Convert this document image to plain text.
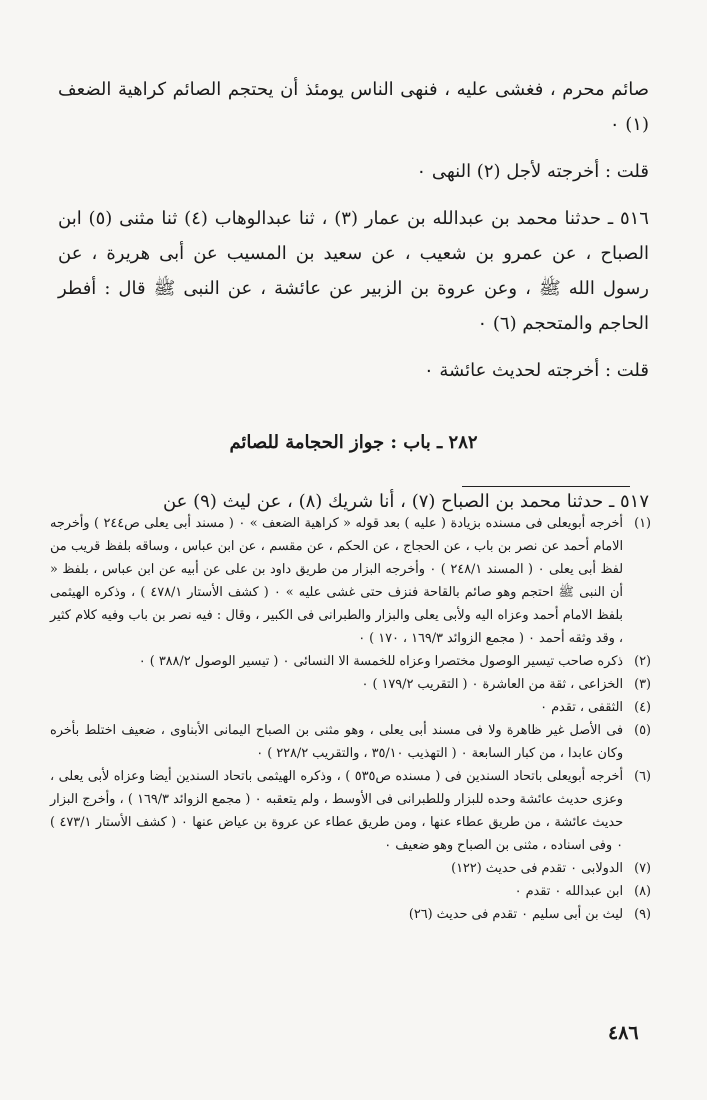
صائم محرم ، فغشى عليه ، فنهى الناس يومئذ أن يحتجم الصائم كراهية الضعف (١) ٠

قلت : أخرجته لأجل (٢) النهى ٠

٥١٦ ـ حدثنا محمد بن عبدالله بن عمار (٣) ، ثنا عبدالوهاب (٤) ثنا مثنى (٥) ابن الصباح ، عن عمرو بن شعيب ، عن سعيد بن المسيب عن أبى هريرة ، عن رسول الله ﷺ ، وعن عروة بن الزبير عن عائشة ، عن النبى ﷺ قال : أفطر الحاجم والمتحجم (٦) ٠

قلت : أخرجته لحديث عائشة ٠

٢٨٢ ـ باب : جواز الحجامة للصائم

٥١٧ ـ حدثنا محمد بن الصباح (٧) ، أنا شريك (٨) ، عن ليث (٩) عن

(١)
أخرجه أبويعلى فى مسنده بزيادة ( عليه ) بعد قوله « كراهية الضعف » ٠ ( مسند أبى يعلى ص٢٤٤ ) وأخرجه الامام أحمد عن نصر بن باب ، عن الحجاج ، عن الحكم ، عن مقسم ، عن ابن عباس ، وساقه بلفظ قريب من لفظ أبى يعلى ٠ ( المسند ٢٤٨/١ ) ٠ وأخرجه البزار من طريق داود بن على عن أبيه عن ابن عباس ، بلفظ « أن النبى ﷺ احتجم وهو صائم بالقاحة فنزف حتى غشى عليه » ٠ ( كشف الأستار ٤٧٨/١ ) ، وذكره الهيثمى بلفظ الامام أحمد وعزاه اليه ولأبى يعلى والبزار والطبرانى فى الكبير ، وقال : فيه نصر بن باب وفيه كلام كثير ، وقد وثقه أحمد ٠ ( مجمع الزوائد ١٦٩/٣ ، ١٧٠ ) ٠
(٢)
ذكره صاحب تيسير الوصول مختصرا وعزاه للخمسة الا النسائى ٠ ( تيسير الوصول ٣٨٨/٢ ) ٠
(٣)
الخزاعى ، ثقة من العاشرة ٠ ( التقريب ١٧٩/٢ ) ٠
(٤)
الثقفى ، تقدم ٠
(٥)
فى الأصل غير ظاهرة ولا فى مسند أبى يعلى ، وهو مثنى بن الصباح اليمانى الأبناوى ، ضعيف اختلط بأخره وكان عابدا ، من كبار السابعة ٠ ( التهذيب ٣٥/١٠ ، والتقريب ٢٢٨/٢ ) ٠
(٦)
أخرجه أبويعلى باتحاد السندين فى ( مسنده ص٥٣٥ ) ، وذكره الهيثمى باتحاد السندين أيضا وعزاه لأبى يعلى ، وعزى حديث عائشة وحده للبزار وللطبرانى فى الأوسط ، ولم يتعقبه ٠ ( مجمع الزوائد ١٦٩/٣ ) ، وأخرج البزار حديث عائشة ، من طريق عطاء عنها ، ومن طريق عطاء عن عروة بن عياض عنها ٠ ( كشف الأستار ٤٧٣/١ ) ٠ وفى اسناده ، مثنى بن الصباح وهو ضعيف ٠
(٧)
الدولابى ٠ تقدم فى حديث (١٢٢)
(٨)
ابن عبدالله ٠ تقدم ٠
(٩)
ليث بن أبى سليم ٠ تقدم فى حديث (٢٦)
٤٨٦
